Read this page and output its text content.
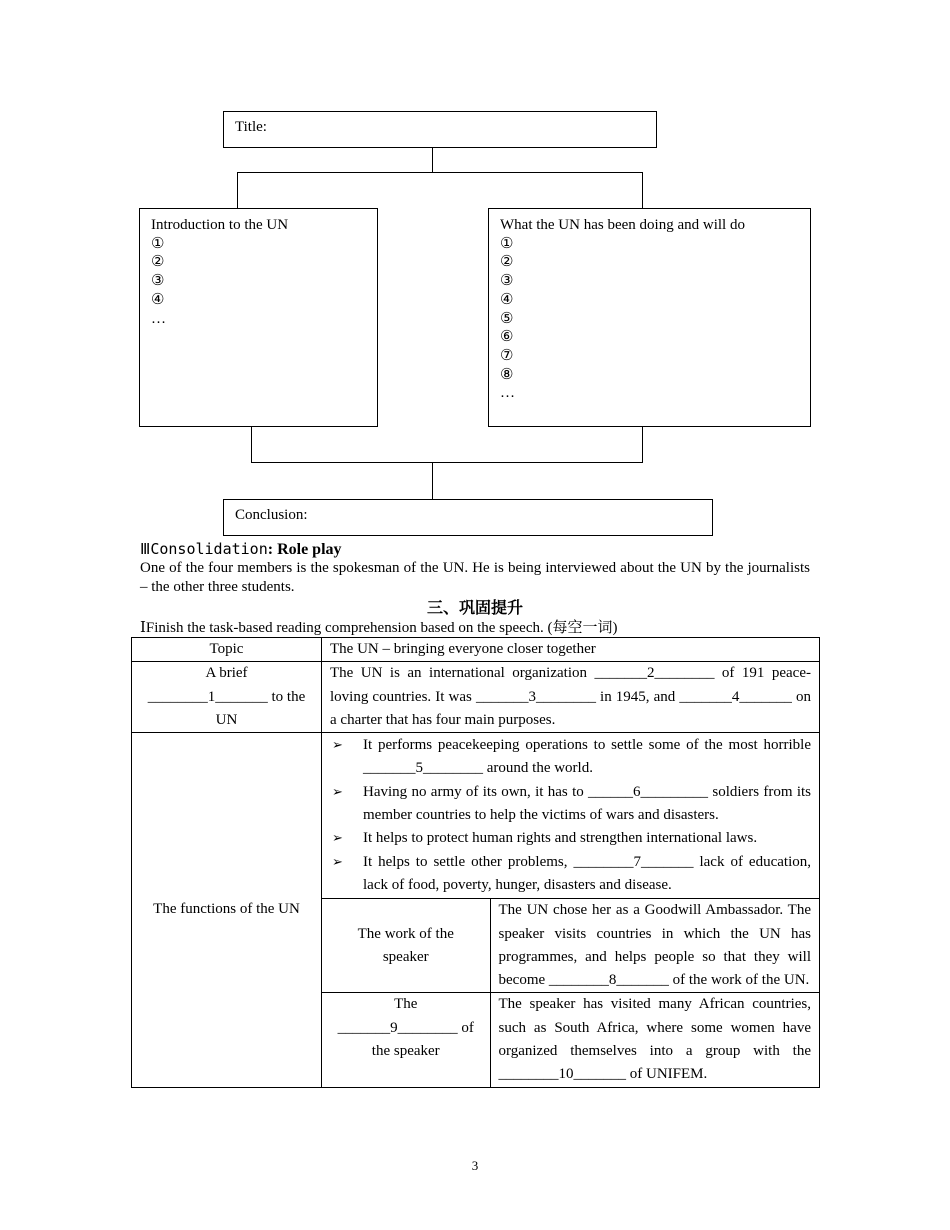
Title:
Introduction to the UN
①
②
③
④
…
What the UN has been doing and will do
①
②
③
④
⑤
⑥
⑦
⑧
…
Conclusion:
ⅢConsolidation: Role play
One of the four members is the spokesman of the UN. He is being interviewed about the UN by the journalists – the other three students.
三、巩固提升
ⅠFinish the task-based reading comprehension based on the speech. (每空一词)
Topic	The UN – bringing everyone closer together

A brief
________1_______ to the
UN
	The UN is an international organization _______2________ of 191 peace-loving countries. It was _______3________ in 1945, and _______4_______ on a charter that has four main purposes.
The functions of the UN	
➢ It performs peacekeeping operations to settle some of the most horrible _______5________ around the world.
➢ Having no army of its own, it has to ______6_________ soldiers from its member countries to help the victims of wars and disasters.
➢ It helps to protect human rights and strengthen international laws.
➢ It helps to settle other problems, ________7_______ lack of education, lack of food, poverty, hunger, disasters and disease.

The work of the
speaker
	The UN chose her as a Goodwill Ambassador. The speaker visits countries in which the UN has programmes, and helps people so that they will become ________8_______ of the work of the UN.

The
_______9________ of
the speaker
	The speaker has visited many African countries, such as South Africa, where some women have organized themselves into a group with the ________10_______ of UNIFEM.
3
